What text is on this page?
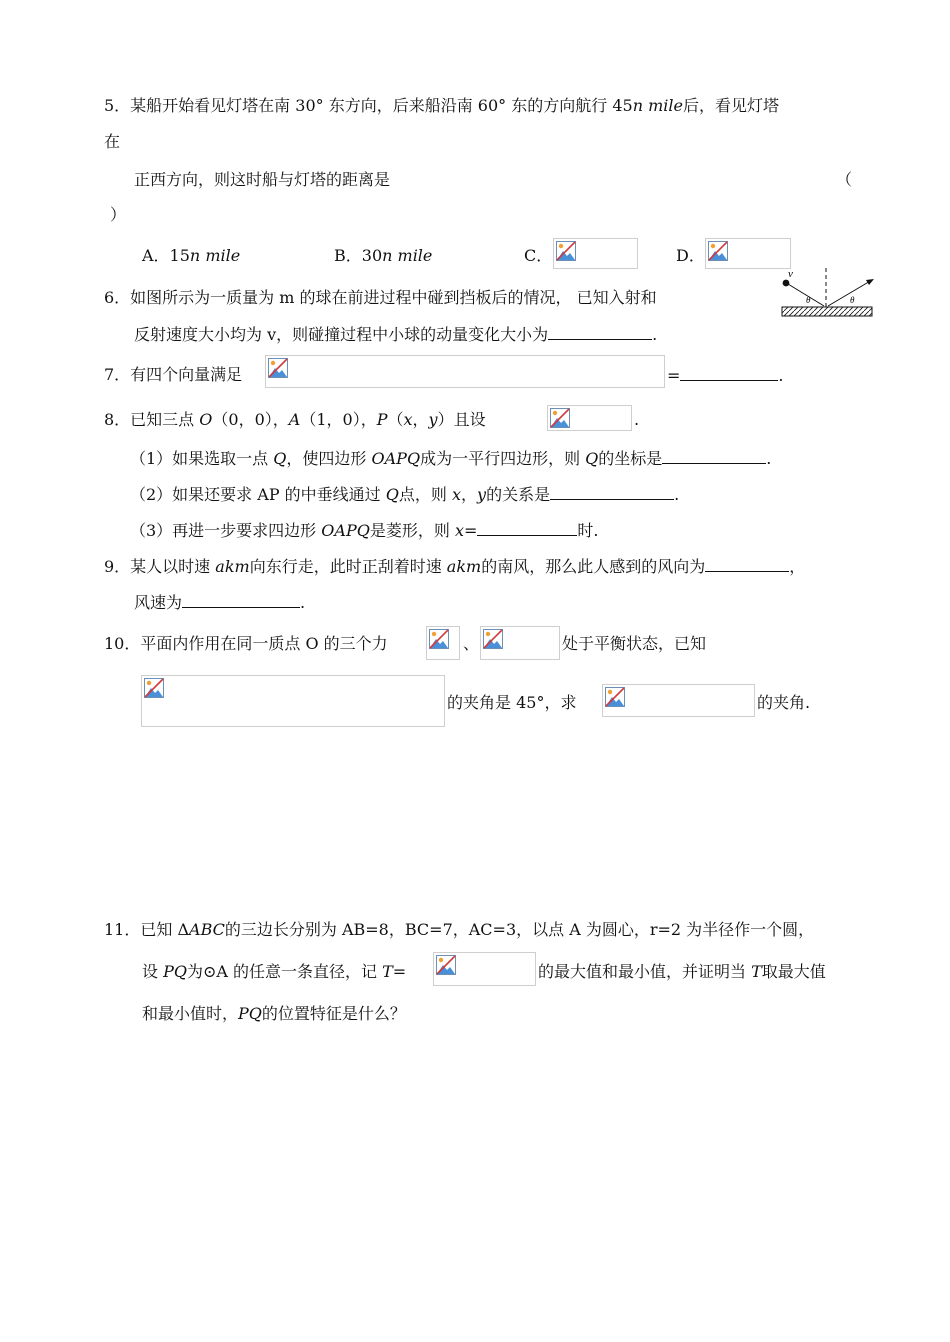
5．某船开始看见灯塔在南 30° 东方向，后来船沿南 60° 东的方向航行 45n mile后，看见灯塔
在
正西方向，则这时船与灯塔的距离是	（
）
A．15n mile	B．30n mile	C．	D．
6．如图所示为一质量为 m 的球在前进过程中碰到挡板后的情况， 已知入射和
反射速度大小均为 v，则碰撞过程中小球的动量变化大小为	.
v
θ	θ
7．有四个向量满足	=	.
8．已知三点 O（0，0），A（1，0），P（x，y）且设	.
（1）如果选取一点 Q，使四边形 OAPQ成为一平行四边形，则 Q的坐标是	.
（2）如果还要求 AP 的中垂线通过 Q点，则 x，y的关系是	.
（3）再进一步要求四边形 OAPQ是菱形，则 x=	时.
9．某人以时速 akm向东行走，此时正刮着时速 akm的南风，那么此人感到的风向为	，
风速为	.
10．平面内作用在同一质点 O 的三个力	、	处于平衡状态，已知
的夹角是 45°，求	的夹角.
11．已知 ΔABC的三边长分别为 AB=8，BC=7，AC=3，以点 A 为圆心，r=2 为半径作一个圆，
设 PQ为⊙A 的任意一条直径，记 T=	的最大值和最小值，并证明当 T取最大值
和最小值时，PQ的位置特征是什么？
